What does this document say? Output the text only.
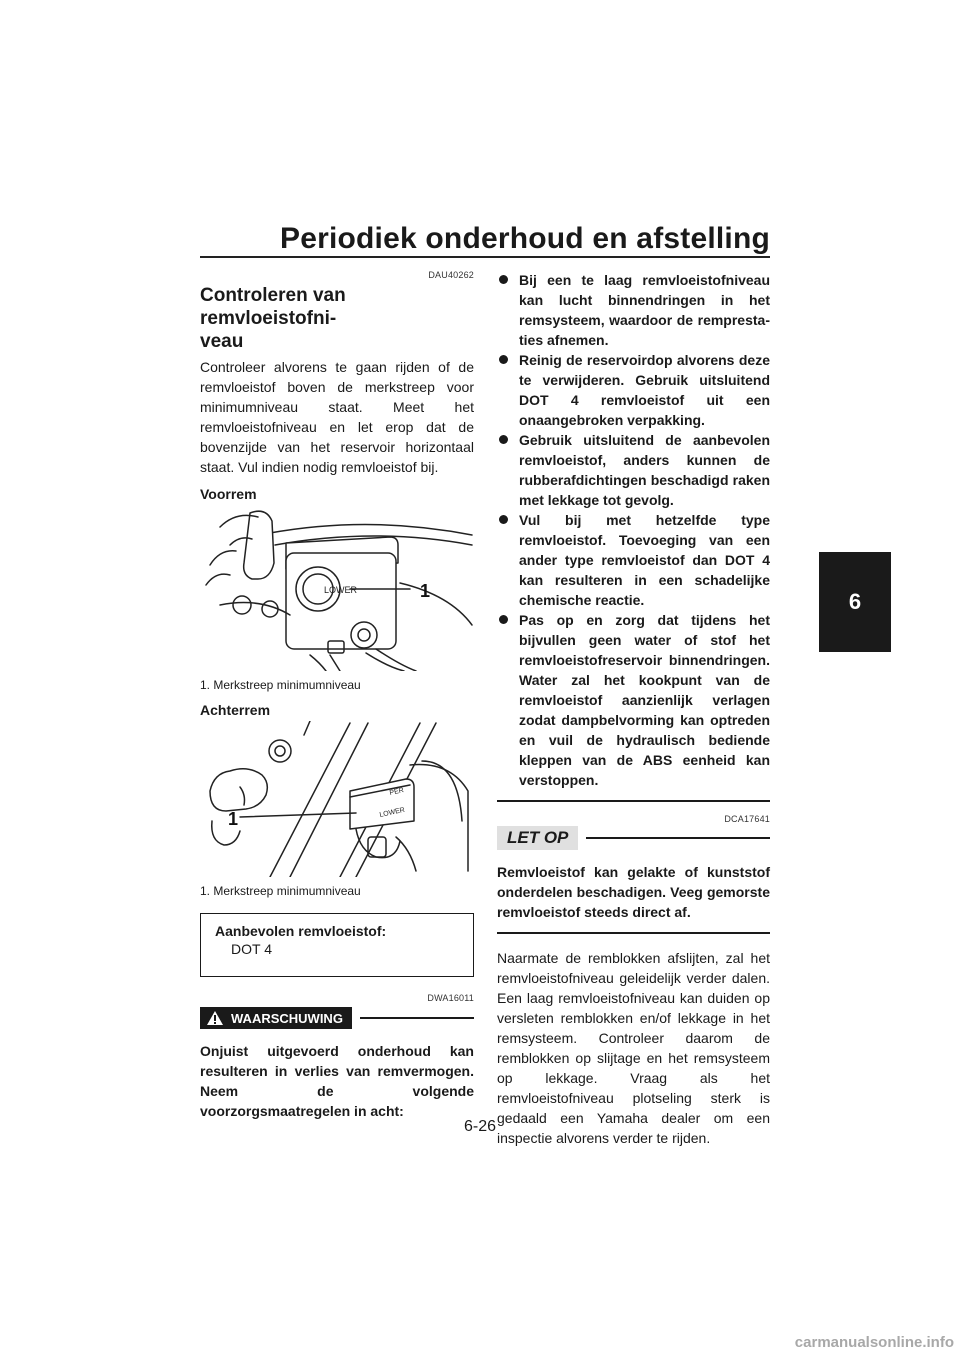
Periodiek onderhoud en afstelling
6
DAU40262
Controleren van remvloeistofni-
veau

Controleer alvorens te gaan rijden of de remvloeistof boven de merkstreep voor minimumniveau staat. Meet het remvloeistofniveau en let erop dat de bovenzijde van het reservoir horizontaal staat. Vul indien nodig remvloeistof bij.

Voorrem
LOWER	1
1. Merkstreep minimumniveau
Achterrem
PER
LOWER
1
1. Merkstreep minimumniveau
Aanbevolen remvloeistof:
DOT 4
DWA16011
WAARSCHUWING
Onjuist uitgevoerd onderhoud kan resulteren in verlies van remvermogen. Neem de volgende voorzorgsmaatregelen in acht:
Bij een te laag remvloeistofniveau kan lucht binnendringen in het remsysteem, waardoor de remprestaties afnemen.
Reinig de reservoirdop alvorens deze te verwijderen. Gebruik uitsluitend DOT 4 remvloeistof uit een onaangebroken verpakking.
Gebruik uitsluitend de aanbevolen remvloeistof, anders kunnen de rubberafdichtingen beschadigd raken met lekkage tot gevolg.
Vul bij met hetzelfde type remvloeistof. Toevoeging van een ander type remvloeistof dan DOT 4 kan resulteren in een schadelijke chemische reactie.
Pas op en zorg dat tijdens het bijvullen geen water of stof het remvloeistofreservoir binnendringen. Water zal het kookpunt van de remvloeistof aanzienlijk verlagen zodat dampbelvorming kan optreden en vuil de hydraulisch bediende kleppen van de ABS eenheid kan verstoppen.
DCA17641
LET OP
Remvloeistof kan gelakte of kunststof onderdelen beschadigen. Veeg gemorste remvloeistof steeds direct af.

Naarmate de remblokken afslijten, zal het remvloeistofniveau geleidelijk verder dalen. Een laag remvloeistofniveau kan duiden op versleten remblokken en/of lekkage in het remsysteem. Controleer daarom de remblokken op slijtage en het remsysteem op lekkage. Vraag als het remvloeistofniveau plotseling sterk is gedaald een Yamaha dealer om een inspectie alvorens verder te rijden.

6-26
carmanualsonline.info
